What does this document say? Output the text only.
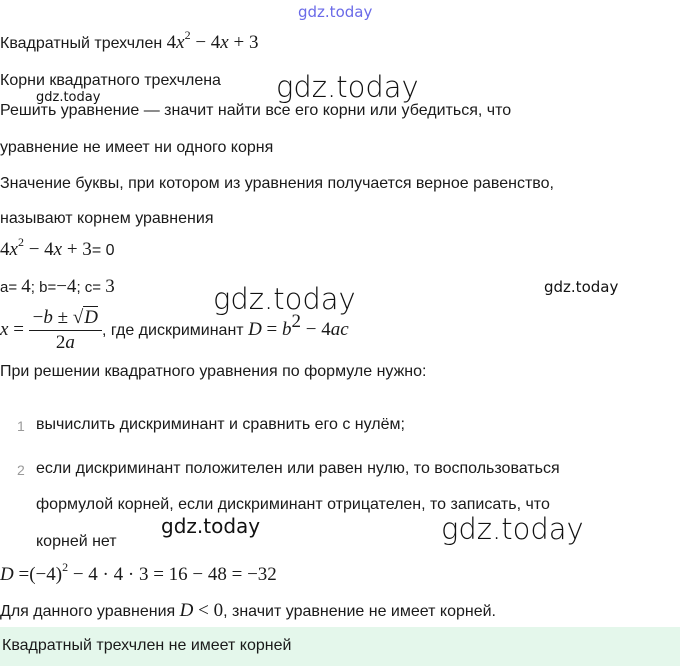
gdz.today
gdz.today
gdz.today
gdz.today	gdz.today
gdz.today	gdz.today
Квадратный трехчлен $4x^2 - 4x + 3$
Корни квадратного трехчлена
Решить уравнение — значит найти все его корни или убедиться, что
уравнение не имеет ни одного корня
Значение буквы, при котором из уравнения получается верное равенство,
называют корнем уравнения
$4x^2 - 4x + 3= 0$
a= 4; b=−4; c= 3
$x = \frac{-b \pm √D}{2a}$ , где дискриминант $D = b^2 - 4ac$
При решении квадратного уравнения по формуле нужно:
1 вычислить дискриминант и сравнить его с нулём;
2 если дискриминант положителен или равен нулю, то воспользоваться
формулой корней, если дискриминант отрицателен, то записать, что
корней нет
$D =(-4)^2 - 4 \cdot 4 \cdot 3 = 16 - 48 = -32$
Для данного уравнения D < 0, значит уравнение не имеет корней.
Квадратный трехчлен не имеет корней
